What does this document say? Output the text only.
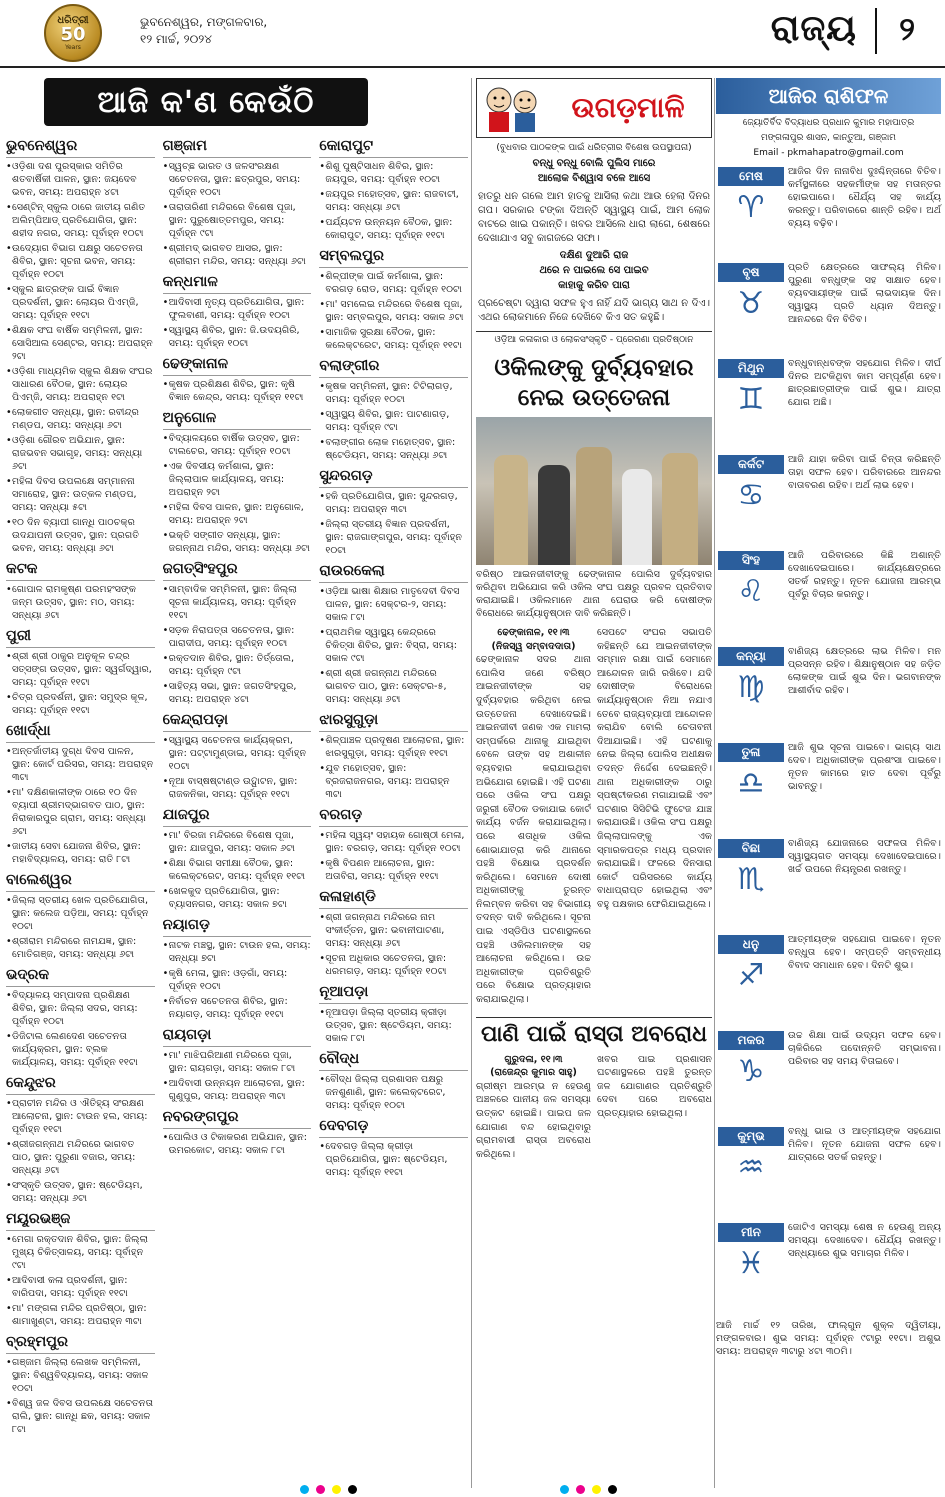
ଧରିତ୍ରୀ
50
Years
ଭୁବନେଶ୍ୱର, ମଙ୍ଗଳବାର,
୧୨ ମାର୍ଚ୍ଚ, ୨୦୨୪	ରାଜ୍ୟ ୨
ଆଜି କ'ଣ କେଉଁଠି
ଭୁବନେଶ୍ୱର
• ଓଡ଼ିଶା ଦଶ ପୁରସ୍କାର ସମିତିର ଶତବାର୍ଷିକୀ ପାଳନ, ସ୍ଥାନ: ଜୟଦେବ ଭବନ, ସମୟ: ଅପରାହ୍ନ ୪ଟା
• ସେଣ୍ଟିନ୍ ସ୍କୁଲ ଠାରେ ଜାତୀୟ ଗଣିତ ଅଲିମ୍ପିଆଡ୍ ପ୍ରତିଯୋଗିତା, ସ୍ଥାନ: ଶହୀଦ ନଗର, ସମୟ: ପୂର୍ବାହ୍ନ ୧୦ଟା
• ଉଦ୍ୟୋଗ ବିଭାଗ ପକ୍ଷରୁ ସଚେତନତା ଶିବିର, ସ୍ଥାନ: ସୂଚନା ଭବନ, ସମୟ: ପୂର୍ବାହ୍ନ ୧୦ଟା
• ସ୍କୁଲ ଛାତ୍ରଙ୍କ ପାଇଁ ବିଜ୍ଞାନ ପ୍ରଦର୍ଶନୀ, ସ୍ଥାନ: ଲୋୟର ପିଏମ୍‌ଜି, ସମୟ: ପୂର୍ବାହ୍ନ ୧୧ଟା
• ଶିକ୍ଷକ ସଂଘ ବାର୍ଷିକ ସମ୍ମିଳନୀ, ସ୍ଥାନ: ସୋସିଆଲ ସେଣ୍ଟର, ସମୟ: ଅପରାହ୍ନ ୨ଟା
• ଓଡ଼ିଶା ମାଧ୍ୟମିକ ସ୍କୁଲ ଶିକ୍ଷକ ସଂଘର ସାଧାରଣ ବୈଠକ, ସ୍ଥାନ: ଲୋୟର ପିଏମ୍‌ଜି, ସମୟ: ଅପରାହ୍ନ ୧ଟା
• ଲୋକଗୀତ ସନ୍ଧ୍ୟା, ସ୍ଥାନ: ରବୀନ୍ଦ୍ର ମଣ୍ଡପ, ସମୟ: ସନ୍ଧ୍ୟା ୬ଟା
• ଓଡ଼ିଶା ଗୌରବ ଅଭିଯାନ, ସ୍ଥାନ: ରାଜଭବନ ସଭାଗୃହ, ସମୟ: ସନ୍ଧ୍ୟା ୬ଟା
• ମହିଳା ଦିବସ ଉପଲକ୍ଷେ ସମ୍ମାନନା ସମାରୋହ, ସ୍ଥାନ: ଉତ୍କଳ ମଣ୍ଡପ, ସମୟ: ସନ୍ଧ୍ୟା ୫ଟା
• ୧୦ ଦିନ ବ୍ୟାପୀ ଗାନ୍ଧି ପାଠଚକ୍ର ଉଦଯାପନୀ ଉତ୍ସବ, ସ୍ଥାନ: ପ୍ରଗତି ଭବନ, ସମୟ: ସନ୍ଧ୍ୟା ୬ଟା
କଟକ
• ଗୋପାଳ ରାମକୃଷ୍ଣ ପରମହଂସଙ୍କ ଜନ୍ମ ଉତ୍ସବ, ସ୍ଥାନ: ମଠ, ସମୟ: ସନ୍ଧ୍ୟା ୬ଟା
ପୁରୀ
• ଶ୍ରୀ ଶ୍ରୀ ଠାକୁର ଅନୁକୂଳ ଚନ୍ଦ୍ର ସତ୍ସଙ୍ଗ ଉତ୍ସବ, ସ୍ଥାନ: ସ୍ୱର୍ଗଦ୍ୱାର, ସମୟ: ପୂର୍ବାହ୍ନ ୧୧ଟା
• ଚିତ୍ର ପ୍ରଦର୍ଶନୀ, ସ୍ଥାନ: ସମୁଦ୍ର କୂଳ, ସମୟ: ପୂର୍ବାହ୍ନ ୧୧ଟା
ଖୋର୍ଦ୍ଧା
• ଅନ୍ତର୍ଜାତୀୟ ଦୁଗ୍ଧ ଦିବସ ପାଳନ, ସ୍ଥାନ: କୋର୍ଟ ପରିସର, ସମୟ: ଅପରାହ୍ନ ୩ଟା
• ମା' ଦକ୍ଷିଣକାଳୀଙ୍କ ଠାରେ ୧୦ ଦିନ ବ୍ୟାପୀ ଶ୍ରୀମଦ୍ଭାଗବତ ପାଠ, ସ୍ଥାନ: ନିରାକାରପୁର ଗ୍ରାମ, ସମୟ: ସନ୍ଧ୍ୟା ୬ଟା
• ଜାତୀୟ ସେବା ଯୋଜନା ଶିବିର, ସ୍ଥାନ: ମହାବିଦ୍ୟାଳୟ, ସମୟ: ରାତି ୮ଟା
ବାଲେଶ୍ୱର
• ଜିଲ୍ଲା ସ୍ତରୀୟ ଖେଳ ପ୍ରତିଯୋଗିତା, ସ୍ଥାନ: କଲେଜ ପଡ଼ିଆ, ସମୟ: ପୂର୍ବାହ୍ନ ୧୦ଟା
• ଶ୍ରୀରାମ ମନ୍ଦିରରେ ନାମଯଜ୍ଞ, ସ୍ଥାନ: ମୋତିଗଞ୍ଜ, ସମୟ: ସନ୍ଧ୍ୟା ୬ଟା
ଭଦ୍ରକ
• ବିଦ୍ୟାଳୟ ସମ୍ପାଦନା ପ୍ରଶିକ୍ଷଣ ଶିବିର, ସ୍ଥାନ: ଜିଲ୍ଲା ସଦର, ସମୟ: ପୂର୍ବାହ୍ନ ୧୦ଟା
• ଡିଜିଟାଲ ଲେଣଦେଣ ସଚେତନତା କାର୍ଯ୍ୟକ୍ରମ, ସ୍ଥାନ: ବ୍ଲକ କାର୍ଯ୍ୟାଳୟ, ସମୟ: ପୂର୍ବାହ୍ନ ୧୧ଟା
କେନ୍ଦୁଝର
• ପ୍ରାଚୀନ ମନ୍ଦିର ଓ ଐତିହ୍ୟ ସଂରକ୍ଷଣ ଆଲୋଚନା, ସ୍ଥାନ: ଟାଉନ ହଲ, ସମୟ: ପୂର୍ବାହ୍ନ ୧୧ଟା
• ଶ୍ରୀଜଗନ୍ନାଥ ମନ୍ଦିରରେ ଭାଗବତ ପାଠ, ସ୍ଥାନ: ପୁରୁଣା ବଜାର, ସମୟ: ସନ୍ଧ୍ୟା ୬ଟା
• ସଂସ୍କୃତି ଉତ୍ସବ, ସ୍ଥାନ: ଷ୍ଟେଡିୟମ, ସମୟ: ସନ୍ଧ୍ୟା ୬ଟା
ମୟୂରଭଞ୍ଜ
• ମେଗା ରକ୍ତଦାନ ଶିବିର, ସ୍ଥାନ: ଜିଲ୍ଲା ମୁଖ୍ୟ ଚିକିତ୍ସାଳୟ, ସମୟ: ପୂର୍ବାହ୍ନ ୯ଟା
• ଆଦିବାସୀ କଳା ପ୍ରଦର୍ଶନୀ, ସ୍ଥାନ: ବାରିପଦା, ସମୟ: ପୂର୍ବାହ୍ନ ୧୧ଟା
• ମା' ମଙ୍ଗଳା ମନ୍ଦିର ପ୍ରତିଷ୍ଠା, ସ୍ଥାନ: ଶାମାଖୁଣ୍ଟା, ସମୟ: ଅପରାହ୍ନ ୩ଟା
ବ୍ରହ୍ମପୁର
• ଗଞ୍ଜାମ ଜିଲ୍ଲା ଲେଖକ ସମ୍ମିଳନୀ, ସ୍ଥାନ: ବିଶ୍ୱବିଦ୍ୟାଳୟ, ସମୟ: ସକାଳ ୧୦ଟା
• ବିଶ୍ୱ ଜଳ ଦିବସ ଉପଲକ୍ଷେ ସଚେତନତା ରାଲି, ସ୍ଥାନ: ଗାନ୍ଧି ଛକ, ସମୟ: ସକାଳ ୮ଟା
ଗଞ୍ଜାମ
• ସ୍ୱଚ୍ଛ ଭାରତ ଓ ଜଳସଂରକ୍ଷଣ ସଚେତନତା, ସ୍ଥାନ: ଛତ୍ରପୁର, ସମୟ: ପୂର୍ବାହ୍ନ ୧୦ଟା
• ତାରାତାରିଣୀ ମନ୍ଦିରରେ ବିଶେଷ ପୂଜା, ସ୍ଥାନ: ପୁରୁଷୋତ୍ତମପୁର, ସମୟ: ପୂର୍ବାହ୍ନ ୯ଟା
• ଶ୍ରୀମଦ୍ ଭାଗବତ ଆସର, ସ୍ଥାନ: ଶ୍ରୀରାମ ମନ୍ଦିର, ସମୟ: ସନ୍ଧ୍ୟା ୬ଟା
କନ୍ଧମାଳ
• ଆଦିବାସୀ ନୃତ୍ୟ ପ୍ରତିଯୋଗିତା, ସ୍ଥାନ: ଫୁଲବାଣୀ, ସମୟ: ପୂର୍ବାହ୍ନ ୧୦ଟା
• ସ୍ୱାସ୍ଥ୍ୟ ଶିବିର, ସ୍ଥାନ: ଜି.ଉଦୟଗିରି, ସମୟ: ପୂର୍ବାହ୍ନ ୧୦ଟା
ଢେଙ୍କାନାଳ
• କୃଷକ ପ୍ରଶିକ୍ଷଣ ଶିବିର, ସ୍ଥାନ: କୃଷି ବିଜ୍ଞାନ କେନ୍ଦ୍ର, ସମୟ: ପୂର୍ବାହ୍ନ ୧୧ଟା
ଅନୁଗୋଳ
• ବିଦ୍ୟାଳୟରେ ବାର୍ଷିକ ଉତ୍ସବ, ସ୍ଥାନ: ଟାଲଚେର, ସମୟ: ପୂର୍ବାହ୍ନ ୧୦ଟା
• ଏକ ଦିବସୀୟ କର୍ମଶାଳା, ସ୍ଥାନ: ଜିଲ୍ଲାପାଳ କାର୍ଯ୍ୟାଳୟ, ସମୟ: ଅପରାହ୍ନ ୨ଟା
• ମହିଳା ଦିବସ ପାଳନ, ସ୍ଥାନ: ଅନୁଗୋଳ, ସମୟ: ଅପରାହ୍ନ ୨ଟା
• ଭକ୍ତି ସଙ୍ଗୀତ ସନ୍ଧ୍ୟା, ସ୍ଥାନ: ଜଗନ୍ନାଥ ମନ୍ଦିର, ସମୟ: ସନ୍ଧ୍ୟା ୬ଟା
ଜଗତ୍‌ସିଂହପୁର
• ସାମ୍ବାଦିକ ସମ୍ମିଳନୀ, ସ୍ଥାନ: ଜିଲ୍ଲା ସୂଚନା କାର୍ଯ୍ୟାଳୟ, ସମୟ: ପୂର୍ବାହ୍ନ ୧୧ଟା
• ସଡ଼କ ନିରାପତ୍ତା ସଚେତନତା, ସ୍ଥାନ: ପାରାଦୀପ, ସମୟ: ପୂର୍ବାହ୍ନ ୧୦ଟା
• ରକ୍ତଦାନ ଶିବିର, ସ୍ଥାନ: ତିର୍ତ୍ତୋଲ, ସମୟ: ପୂର୍ବାହ୍ନ ୯ଟା
• ସାହିତ୍ୟ ସଭା, ସ୍ଥାନ: ଜଗତସିଂହପୁର, ସମୟ: ଅପରାହ୍ନ ୪ଟା
କେନ୍ଦ୍ରାପଡ଼ା
• ସ୍ୱାସ୍ଥ୍ୟ ସଚେତନତା କାର୍ଯ୍ୟକ୍ରମ, ସ୍ଥାନ: ପଟ୍ଟାମୁଣ୍ଡାଇ, ସମୟ: ପୂର୍ବାହ୍ନ ୧୦ଟା
• ନୂଆ ବାସ୍ଷଷ୍ଟାଣ୍ଡ ଉଦ୍ଘାଟନ, ସ୍ଥାନ: ରାଜକନିକା, ସମୟ: ପୂର୍ବାହ୍ନ ୧୧ଟା
ଯାଜପୁର
• ମା' ବିରଜା ମନ୍ଦିରରେ ବିଶେଷ ପୂଜା, ସ୍ଥାନ: ଯାଜପୁର, ସମୟ: ସକାଳ ୬ଟା
• ଶିକ୍ଷା ବିଭାଗ ସମୀକ୍ଷା ବୈଠକ, ସ୍ଥାନ: କଲେକ୍ଟରେଟ, ସମୟ: ପୂର୍ବାହ୍ନ ୧୧ଟା
• ଖେଳକୁଦ ପ୍ରତିଯୋଗିତା, ସ୍ଥାନ: ବ୍ୟାସନଗର, ସମୟ: ସକାଳ ୭ଟା
ନୟାଗଡ଼
• ନାଟକ ମଞ୍ଚସ୍ଥ, ସ୍ଥାନ: ଟାଉନ ହଲ, ସମୟ: ସନ୍ଧ୍ୟା ୭ଟା
• କୃଷି ମେଳା, ସ୍ଥାନ: ଓଡ଼ଗାଁ, ସମୟ: ପୂର୍ବାହ୍ନ ୧୦ଟା
• ନିର୍ବାଚନ ସଚେତନତା ଶିବିର, ସ୍ଥାନ: ନୟାଗଡ଼, ସମୟ: ପୂର୍ବାହ୍ନ ୧୧ଟା
ରାୟଗଡ଼ା
• ମା' ମାଝିଘରିଆଣୀ ମନ୍ଦିରରେ ପୂଜା, ସ୍ଥାନ: ରାୟଗଡ଼ା, ସମୟ: ସକାଳ ୮ଟା
• ଆଦିବାସୀ ଉନ୍ନୟନ ଆଲୋଚନା, ସ୍ଥାନ: ଗୁଣୁପୁର, ସମୟ: ଅପରାହ୍ନ ୩ଟା
ନବରଙ୍ଗପୁର
• ପୋଲିଓ ଓ ଟିକାକରଣ ଅଭିଯାନ, ସ୍ଥାନ: ଉମରକୋଟ, ସମୟ: ସକାଳ ୮ଟା
କୋରାପୁଟ
• ଶିଶୁ ପୁଷ୍ଟିସାଧନ ଶିବିର, ସ୍ଥାନ: ଜୟପୁର, ସମୟ: ପୂର୍ବାହ୍ନ ୧୦ଟା
• ଜୟପୁର ମହୋତ୍ସବ, ସ୍ଥାନ: ରାଜବାଟୀ, ସମୟ: ସନ୍ଧ୍ୟା ୬ଟା
• ପର୍ଯ୍ୟଟନ ଉନ୍ନୟନ ବୈଠକ, ସ୍ଥାନ: କୋରାପୁଟ, ସମୟ: ପୂର୍ବାହ୍ନ ୧୧ଟା
ସମ୍ବଲପୁର
• ଶିଳ୍ପୀଙ୍କ ପାଇଁ କର୍ମଶାଳା, ସ୍ଥାନ: ବରଗଡ଼ ରୋଡ, ସମୟ: ପୂର୍ବାହ୍ନ ୧୦ଟା
• ମା' ସମଲେଇ ମନ୍ଦିରରେ ବିଶେଷ ପୂଜା, ସ୍ଥାନ: ସମ୍ବଲପୁର, ସମୟ: ସକାଳ ୬ଟା
• ସାମାଜିକ ସୁରକ୍ଷା ବୈଠକ, ସ୍ଥାନ: କଲେକ୍ଟରେଟ, ସମୟ: ପୂର୍ବାହ୍ନ ୧୧ଟା
ବଲାଙ୍ଗୀର
• କୃଷକ ସମ୍ମିଳନୀ, ସ୍ଥାନ: ଟିଟିଲାଗଡ଼, ସମୟ: ପୂର୍ବାହ୍ନ ୧୦ଟା
• ସ୍ୱାସ୍ଥ୍ୟ ଶିବିର, ସ୍ଥାନ: ପାଟଣାଗଡ଼, ସମୟ: ପୂର୍ବାହ୍ନ ୯ଟା
• ବଲାଙ୍ଗୀର ଲୋକ ମହୋତ୍ସବ, ସ୍ଥାନ: ଷ୍ଟେଡିୟମ, ସମୟ: ସନ୍ଧ୍ୟା ୬ଟା
ସୁନ୍ଦରଗଡ଼
• ହକି ପ୍ରତିଯୋଗିତା, ସ୍ଥାନ: ସୁନ୍ଦରଗଡ଼, ସମୟ: ଅପରାହ୍ନ ୩ଟା
• ଜିଲ୍ଲା ସ୍ତରୀୟ ବିଜ୍ଞାନ ପ୍ରଦର୍ଶନୀ, ସ୍ଥାନ: ରାଜଗାଙ୍ଗପୁର, ସମୟ: ପୂର୍ବାହ୍ନ ୧୦ଟା
ରାଉରକେଲା
• ଓଡ଼ିଆ ଭାଷା ଶିକ୍ଷାର ମାତୃଦେବୀ ଦିବସ ପାଳନ, ସ୍ଥାନ: ସେକ୍ଟର-୨, ସମୟ: ସକାଳ ୮ଟା
• ପ୍ରାଥମିକ ସ୍ୱାସ୍ଥ୍ୟ କେନ୍ଦ୍ରରେ ଚିକିତ୍ସା ଶିବିର, ସ୍ଥାନ: ବିସ୍ରା, ସମୟ: ସକାଳ ୯ଟା
• ଶ୍ରୀ ଶ୍ରୀ ଜଗନ୍ନାଥ ମନ୍ଦିରରେ ଭାଗବତ ପାଠ, ସ୍ଥାନ: ସେକ୍ଟର-୫, ସମୟ: ସନ୍ଧ୍ୟା ୬ଟା
ଝାରସୁଗୁଡ଼ା
• ଶିଳ୍ପାଞ୍ଚଳ ପ୍ରଦୂଷଣ ଆଲୋଚନା, ସ୍ଥାନ: ଝାରସୁଗୁଡ଼ା, ସମୟ: ପୂର୍ବାହ୍ନ ୧୧ଟା
• ଯୁବ ମହୋତ୍ସବ, ସ୍ଥାନ: ବ୍ରଜରାଜନଗର, ସମୟ: ଅପରାହ୍ନ ୩ଟା
ବରଗଡ଼
• ମହିଳା ସ୍ୱୟଂ ସହାୟକ ଗୋଷ୍ଠୀ ମେଳା, ସ୍ଥାନ: ବରଗଡ଼, ସମୟ: ପୂର୍ବାହ୍ନ ୧୦ଟା
• କୃଷି ବିପଣନ ଆଲୋଚନା, ସ୍ଥାନ: ଅତାବିରା, ସମୟ: ପୂର୍ବାହ୍ନ ୧୧ଟା
କଳାହାଣ୍ଡି
• ଶ୍ରୀ ଜଗନ୍ନାଥ ମନ୍ଦିରରେ ନାମ ସଂକୀର୍ତ୍ତନ, ସ୍ଥାନ: ଭବାନୀପାଟଣା, ସମୟ: ସନ୍ଧ୍ୟା ୬ଟା
• ସୂଚନା ଅଧିକାର ସଚେତନତା, ସ୍ଥାନ: ଧରମଗଡ଼, ସମୟ: ପୂର୍ବାହ୍ନ ୧୦ଟା
ନୂଆପଡ଼ା
• ନୂଆପଡ଼ା ଜିଲ୍ଲା ସ୍ତରୀୟ କ୍ରୀଡ଼ା ଉତ୍ସବ, ସ୍ଥାନ: ଷ୍ଟେଡିୟମ, ସମୟ: ସକାଳ ୮ଟା
ବୌଦ୍ଧ
• ବୌଦ୍ଧ ଜିଲ୍ଲା ପ୍ରଶାସନ ପକ୍ଷରୁ ଜନଶୁଣାଣି, ସ୍ଥାନ: କଲେକ୍ଟରେଟ, ସମୟ: ପୂର୍ବାହ୍ନ ୧୦ଟା
ଦେବଗଡ଼
• ଦେବଗଡ଼ ଜିଲ୍ଲା କ୍ରୀଡ଼ା ପ୍ରତିଯୋଗିତା, ସ୍ଥାନ: ଷ୍ଟେଡିୟମ, ସମୟ: ପୂର୍ବାହ୍ନ ୧୧ଟା
ଉଗଡ଼ମାଳି
(ବୁଧବାର ପାଠକଙ୍କ ପାଇଁ ଧରିତ୍ରୀର ବିଶେଷ ଉପସ୍ଥାପନା)
ବନ୍ଧୁ ବନ୍ଧୁ ବୋଲି ପୁଲିସ ମାରେ
ଆଲୋକ ବିଶ୍ୱାସ ବଳେ ଆସେ
ହାତରୁ ଧନ ଗଲେ ଆମ ହାତକୁ ଆସିଲା କଥା ଆଉ ହେଲା ଦିନର ଗପ। ସରକାର ଟଙ୍କା ଦିଅନ୍ତି ସ୍ୱାସ୍ଥ୍ୟ ପାଇଁ, ଆମ ଲୋକ ବାଟରେ ଖାଇ ପକାନ୍ତି। ଖବର ଆସିଲେ ଧାରା ଲାଗେ, ଶେଷରେ ଦେଖାଯାଏ ସବୁ କାଗଜରେ ସଫା।
ଦକ୍ଷିଣ ଦୁଆରି ରାଜ
ଥରେ ନ ପାଇଲେ ସେ ପାଇବ
କାହାକୁ କରିବ ପାରା
ପ୍ରଚେଷ୍ଟା ଦ୍ୱାରା ସଫଳ ହୁଏ ନାହିଁ ଯଦି ଭାଗ୍ୟ ସାଥ ନ ଦିଏ। ଏଥର ଲୋକମାନେ ନିଜେ ଦେଖିବେ କିଏ ସତ କହୁଛି।
ଓଡ଼ିଆ କଳାକାର ଓ ଲୋକସଂସ୍କୃତି - ପ୍ରେରଣା ପ୍ରତିଷ୍ଠାନ
ଓକିଲଙ୍କୁ ଦୁର୍ବ୍ୟବହାର ନେଇ ଉତ୍ତେଜନା
ବରିଷ୍ଠ ଆଇନଜୀବୀଙ୍କୁ ଢେଙ୍କାନାଳ ପୋଲିସ ଦୁର୍ବ୍ୟବହାର କରିଥିବା ଅଭିଯୋଗ କରି ଓକିଲ ସଂଘ ପକ୍ଷରୁ ପ୍ରବଳ ପ୍ରତିବାଦ କରାଯାଇଛି। ଓକିଲମାନେ ଥାନା ଘେରାଉ କରି ଦୋଷୀଙ୍କ ବିରୋଧରେ କାର୍ଯ୍ୟାନୁଷ୍ଠାନ ଦାବି କରିଛନ୍ତି।
ଢେଙ୍କାନାଳ, ୧୧।୩
(ନିଜସ୍ୱ ସମ୍ବାଦଦାତା)
ଢେଙ୍କାନାଳ ସଦର ଥାନା ପୋଲିସ ଜଣେ ବରିଷ୍ଠ ଆଇନଜୀବୀଙ୍କ ସହ ଦୁର୍ବ୍ୟବହାର କରିଥିବା ନେଇ ଉତ୍ତେଜନା ଦେଖାଦେଇଛି। ଆଇନଜୀବୀ ଜଣକ ଏକ ମାମଲା ସମ୍ପର୍କରେ ଥାନାକୁ ଯାଇଥିବା ବେଳେ ତାଙ୍କ ସହ ଅଶାଳୀନ ବ୍ୟବହାର କରାଯାଇଥିବା ଅଭିଯୋଗ ହୋଇଛି। ଏହି ଘଟଣା ପରେ ଓକିଲ ସଂଘ ପକ୍ଷରୁ ଜରୁରୀ ବୈଠକ ଡକାଯାଇ କୋର୍ଟ କାର୍ଯ୍ୟ ବର୍ଜନ କରାଯାଇଥିଲା। ପରେ ଶତାଧିକ ଓକିଲ ଶୋଭାଯାତ୍ରା କରି ଥାନାରେ ପହଞ୍ଚି ବିକ୍ଷୋଭ ପ୍ରଦର୍ଶନ କରିଥିଲେ। ସେମାନେ ଦୋଷୀ ଅଧିକାରୀଙ୍କୁ ତୁରନ୍ତ ନିଲମ୍ବନ କରିବା ସହ ବିଭାଗୀୟ ତଦନ୍ତ ଦାବି କରିଥିଲେ। ସୂଚନା ପାଇ ଏସ୍‌ଡିପିଓ ଘଟଣାସ୍ଥଳରେ ପହଞ୍ଚି ଓକିଲମାନଙ୍କ ସହ ଆଲୋଚନା କରିଥିଲେ। ଉଚ୍ଚ ଅଧିକାରୀଙ୍କ ପ୍ରତିଶ୍ରୁତି ପରେ ବିକ୍ଷୋଭ ପ୍ରତ୍ୟାହାର କରାଯାଇଥିଲା।
ସେପଟେ ସଂଘର ସଭାପତି କହିଛନ୍ତି ଯେ ଆଇନଜୀବୀଙ୍କ ସମ୍ମାନ ରକ୍ଷା ପାଇଁ ସେମାନେ ଆନ୍ଦୋଳନ ଜାରି ରଖିବେ। ଯଦି ଦୋଷୀଙ୍କ ବିରୋଧରେ କାର୍ଯ୍ୟାନୁଷ୍ଠାନ ନିଆ ନଯାଏ ତେବେ ରାଜ୍ୟବ୍ୟାପୀ ଆନ୍ଦୋଳନ କରାଯିବ ବୋଲି ଚେତାବନୀ ଦିଆଯାଇଛି। ଏହି ଘଟଣାକୁ ନେଇ ଜିଲ୍ଲା ପୋଲିସ ଅଧୀକ୍ଷକ ତଦନ୍ତ ନିର୍ଦ୍ଦେଶ ଦେଇଛନ୍ତି। ଥାନା ଅଧିକାରୀଙ୍କ ଠାରୁ ସ୍ପଷ୍ଟୀକରଣ ମଗାଯାଇଛି ଏବଂ ଘଟଣାର ସିସିଟିଭି ଫୁଟେଜ ଯାଞ୍ଚ କରାଯାଉଛି। ଓକିଲ ସଂଘ ପକ୍ଷରୁ ଜିଲ୍ଲାପାଳଙ୍କୁ ଏକ ସ୍ମାରକପତ୍ର ମଧ୍ୟ ପ୍ରଦାନ କରାଯାଇଛି। ଫଳରେ ଦିନସାରା କୋର୍ଟ ପରିସରରେ କାର୍ଯ୍ୟ ବାଧାପ୍ରାପ୍ତ ହୋଇଥିଲା ଏବଂ ବହୁ ପକ୍ଷକାର ଫେରିଯାଇଥିଲେ।
ପାଣି ପାଇଁ ରାସ୍ତା ଅବରୋଧ
ଗୁରୁଦଳା, ୧୧।୩
(ରାଜେନ୍ଦ୍ର କୁମାର ସାହୁ)
ଗ୍ରୀଷ୍ମ ଆରମ୍ଭ ନ ହେଉଣୁ ଅଞ୍ଚଳରେ ପାନୀୟ ଜଳ ସମସ୍ୟା ଉତ୍କଟ ହୋଇଛି। ପାଇପ ଜଳ ଯୋଗାଣ ବନ୍ଦ ହୋଇଥିବାରୁ ଗ୍ରାମବାସୀ ରାସ୍ତା ଅବରୋଧ କରିଥିଲେ।
ଖବର ପାଇ ପ୍ରଶାସନ ଘଟଣାସ୍ଥଳରେ ପହଞ୍ଚି ତୁରନ୍ତ ଜଳ ଯୋଗାଣର ପ୍ରତିଶ୍ରୁତି ଦେବା ପରେ ଅବରୋଧ ପ୍ରତ୍ୟାହାର ହୋଇଥିଲା।
ଆଜିର ରାଶିଫଳ
ଜ୍ୟୋତିର୍ବିଦ ବିଦ୍ୟାଧର ପ୍ରଧାନ କୁମାର ମହାପାତ୍ର
ମଙ୍ଗଳାପୁର ଶାସନ, କାନ୍ତୁଆ, ଗଞ୍ଜାମ
Email - pkmahapatro@gmail.com
ମେଷ
♈
ଆଜିର ଦିନ ନାନାବିଧ ଦୁଃଶ୍ଚିନ୍ତାରେ ବିତିବ। କର୍ମସ୍ଥଳୀରେ ସହକର୍ମୀଙ୍କ ସହ ମତାନ୍ତର ହୋଇପାରେ। ଧୈର୍ଯ୍ୟ ସହ କାର୍ଯ୍ୟ କରନ୍ତୁ। ପରିବାରରେ ଶାନ୍ତି ରହିବ। ଅର୍ଥ ବ୍ୟୟ ବଢ଼ିବ।
ବୃଷ
♉
ପ୍ରତି କ୍ଷେତ୍ରରେ ସାଫଲ୍ୟ ମିଳିବ। ପୁରୁଣା ବନ୍ଧୁଙ୍କ ସହ ସାକ୍ଷାତ ହେବ। ବ୍ୟବସାୟୀଙ୍କ ପାଇଁ ଲାଭଦାୟକ ଦିନ। ସ୍ୱାସ୍ଥ୍ୟ ପ୍ରତି ଧ୍ୟାନ ଦିଅନ୍ତୁ। ଆନନ୍ଦରେ ଦିନ ବିତିବ।
ମିଥୁନ
♊
ବନ୍ଧୁବାନ୍ଧବଙ୍କ ସହଯୋଗ ମିଳିବ। ଦୀର୍ଘ ଦିନର ଅଟକିଥିବା କାମ ସମ୍ପୂର୍ଣ୍ଣ ହେବ। ଛାତ୍ରଛାତ୍ରୀଙ୍କ ପାଇଁ ଶୁଭ। ଯାତ୍ରା ଯୋଗ ଅଛି।
କର୍କଟ
♋
ଆଜି ଯାହା କରିବା ପାଇଁ ଚିନ୍ତା କରିଛନ୍ତି ତାହା ସଫଳ ହେବ। ପରିବାରରେ ଆନନ୍ଦର ବାତାବରଣ ରହିବ। ଅର୍ଥ ଲାଭ ହେବ।
ସିଂହ
♌
ଆଜି ପରିବାରରେ କିଛି ଅଶାନ୍ତି ଦେଖାଦେଇପାରେ। କାର୍ଯ୍ୟକ୍ଷେତ୍ରରେ ସତର୍କ ରହନ୍ତୁ। ନୂତନ ଯୋଜନା ଆରମ୍ଭ ପୂର୍ବରୁ ବିଚାର କରନ୍ତୁ।
କନ୍ୟା
♍
ବାଣିଜ୍ୟ କ୍ଷେତ୍ରରେ ଲାଭ ମିଳିବ। ମନ ପ୍ରସନ୍ନ ରହିବ। ଶିକ୍ଷାନୁଷ୍ଠାନ ସହ ଜଡ଼ିତ ଲୋକଙ୍କ ପାଇଁ ଶୁଭ ଦିନ। ଭଗବାନଙ୍କ ଆଶୀର୍ବାଦ ରହିବ।
ତୁଳା
♎
ଆଜି ଶୁଭ ସୂଚନା ପାଇବେ। ଭାଗ୍ୟ ସାଥ ଦେବ। ଅଧିକାରୀଙ୍କ ପ୍ରଶଂସା ପାଇବେ। ନୂତନ କାମରେ ହାତ ଦେବା ପୂର୍ବରୁ ଭାବନ୍ତୁ।
ବିଛା
♏
ବାଣିଜ୍ୟ ଯୋଜନାରେ ସଫଳତା ମିଳିବ। ସ୍ୱାସ୍ଥ୍ୟଗତ ସମସ୍ୟା ଦେଖାଦେଇପାରେ। ଖର୍ଚ୍ଚ ଉପରେ ନିୟନ୍ତ୍ରଣ ରଖନ୍ତୁ।
ଧନୁ
♐
ଆତ୍ମୀୟଙ୍କ ସହଯୋଗ ପାଇବେ। ନୂତନ ବନ୍ଧୁତା ହେବ। ସମ୍ପତ୍ତି ସମ୍ବନ୍ଧୀୟ ବିବାଦ ସମାଧାନ ହେବ। ଦିନଟି ଶୁଭ।
ମକର
♑
ଉଚ୍ଚ ଶିକ୍ଷା ପାଇଁ ଉଦ୍ୟମ ସଫଳ ହେବ। ଚାକିରିରେ ପଦୋନ୍ନତି ସମ୍ଭାବନା। ପରିବାର ସହ ସମୟ ବିତାଇବେ।
କୁମ୍ଭ
♒
ବନ୍ଧୁ ଭାଇ ଓ ଆତ୍ମୀୟଙ୍କ ସହଯୋଗ ମିଳିବ। ନୂତନ ଯୋଜନା ସଫଳ ହେବ। ଯାତ୍ରାରେ ସତର୍କ ରହନ୍ତୁ।
ମୀନ
♓
ଜୋଟିଏ ସମସ୍ୟା ଶେଷ ନ ହେଉଣୁ ଅନ୍ୟ ସମସ୍ୟା ଦେଖାଦେବ। ଧୈର୍ଯ୍ୟ ରଖନ୍ତୁ। ସନ୍ଧ୍ୟାରେ ଶୁଭ ସମାଚାର ମିଳିବ।
ଆଜି ମାର୍ଚ୍ଚ ୧୨ ତାରିଖ, ଫାଲ୍ଗୁନ ଶୁକ୍ଳ ଦ୍ୱିତୀୟା, ମଙ୍ଗଳବାର। ଶୁଭ ସମୟ: ପୂର୍ବାହ୍ନ ୯ଟାରୁ ୧୧ଟା। ଅଶୁଭ ସମୟ: ଅପରାହ୍ନ ୩ଟାରୁ ୪ଟା ୩୦ମି।
